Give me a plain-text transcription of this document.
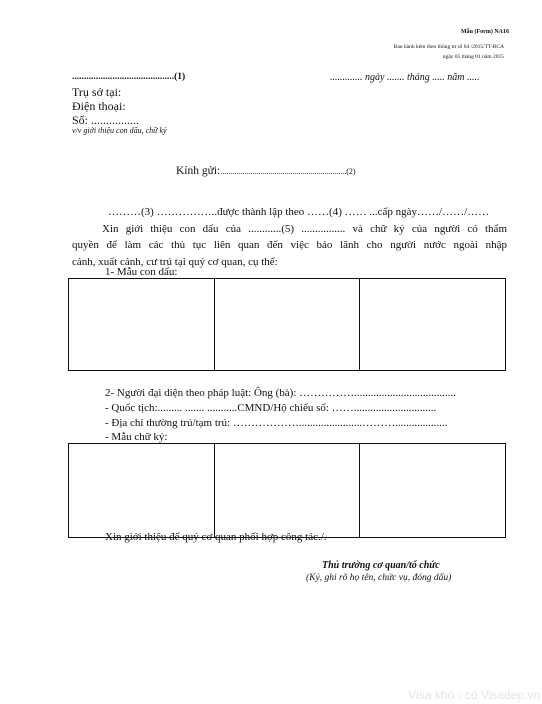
Mẫu (Form) NA16
Ban hành kèm theo thông tư số 04 /2015/TT-BCA
ngày 05 tháng 01 năm 2015
...........................................(1)	............. ngày ....... tháng ..... năm .....
Trụ sở tại:
Điện thoại:
Số: ................
v/v giới thiệu con dấu, chữ ký
Kính gửi:...............................................................(2)
………(3) ……………..được thành lập theo ……(4) …… ...cấp ngày……/……/……
Xin giới thiệu con dấu của ............(5) ................ và chữ ký của người có thẩm
quyền để làm các thủ tục liên quan đến việc bảo lãnh cho người nước ngoài nhập
cảnh, xuất cảnh, cư trú tại quý cơ quan, cụ thể:
1- Mẫu con dấu:
2- Người đại diện theo pháp luật: Ông (bà): …………….....................................
- Quốc tịch:......... ....... ...........CMND/Hộ chiếu số: ……..............................
- Địa chỉ thường trú/tạm trú: ……………….......................………...................
- Mẫu chữ ký:
Xin giới thiệu để quý cơ quan phối hợp công tác./.
Thủ trưởng cơ quan/tổ chức
(Ký, ghi rõ họ tên, chức vụ, đóng dấu)
Visa khó - có Visadep.vn
